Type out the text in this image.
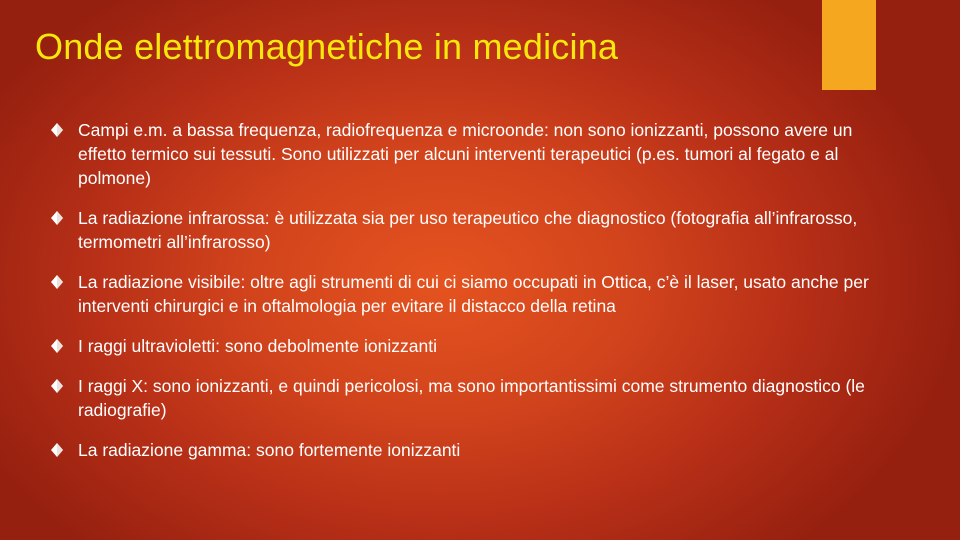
Onde elettromagnetiche in medicina
Campi e.m. a bassa frequenza, radiofrequenza e microonde: non sono ionizzanti, possono avere un effetto termico sui tessuti. Sono utilizzati per alcuni interventi terapeutici (p.es. tumori al fegato e al polmone)
La radiazione infrarossa: è utilizzata sia per uso terapeutico che diagnostico (fotografia all’infrarosso, termometri all’infrarosso)
La radiazione visibile: oltre agli strumenti di cui ci siamo occupati in Ottica, c’è il laser, usato anche per interventi chirurgici e in oftalmologia per evitare il distacco della retina
I raggi ultravioletti: sono debolmente ionizzanti
I raggi X: sono ionizzanti, e quindi pericolosi, ma sono importantissimi come strumento diagnostico (le radiografie)
La radiazione gamma: sono fortemente ionizzanti
